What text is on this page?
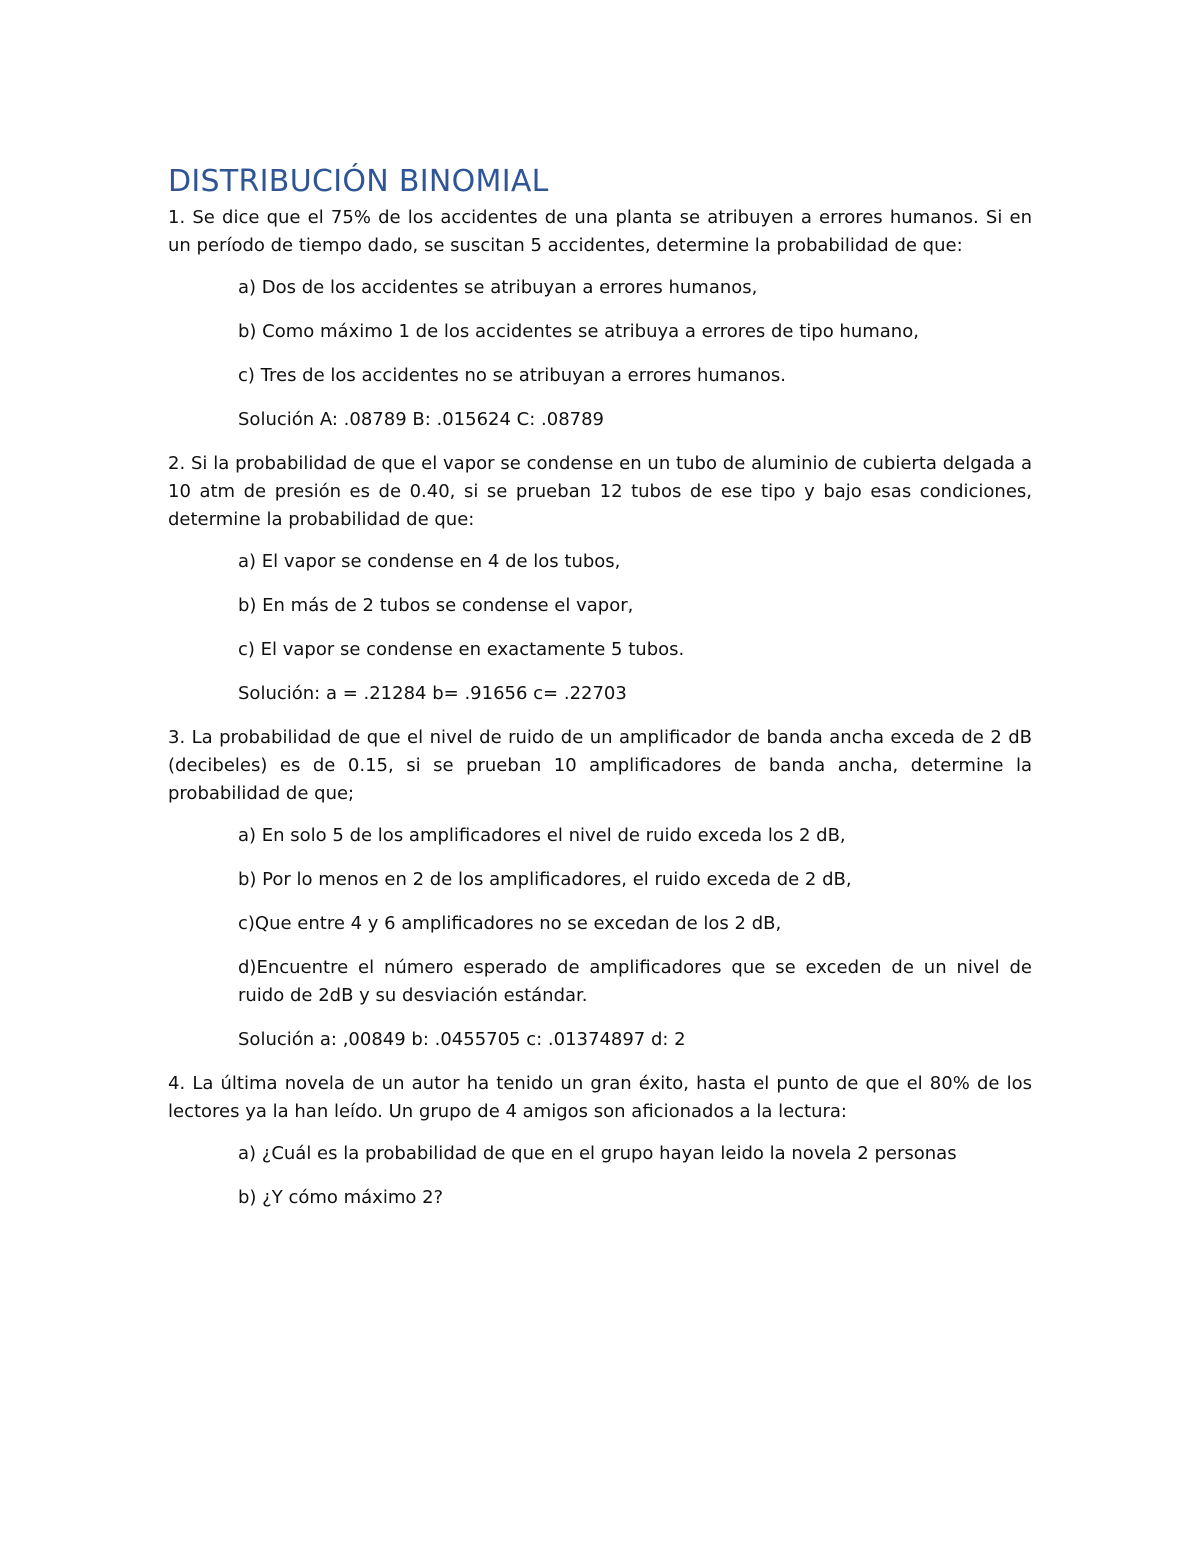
DISTRIBUCIÓN BINOMIAL

1. Se dice que el 75% de los accidentes de una planta se atribuyen a errores humanos. Si en un período de tiempo dado, se suscitan 5 accidentes, determine la probabilidad de que:

a) Dos de los accidentes se atribuyan a errores humanos,

b) Como máximo 1 de los accidentes se atribuya a errores de tipo humano,

c) Tres de los accidentes no se atribuyan a errores humanos.

Solución A: .08789 B: .015624 C: .08789

2. Si la probabilidad de que el vapor se condense en un tubo de aluminio de cubierta delgada a 10 atm de presión es de 0.40, si se prueban 12 tubos de ese tipo y bajo esas condiciones, determine la probabilidad de que:

a) El vapor se condense en 4 de los tubos,

b) En más de 2 tubos se condense el vapor,

c) El vapor se condense en exactamente 5 tubos.

Solución: a = .21284 b= .91656 c= .22703

3. La probabilidad de que el nivel de ruido de un amplificador de banda ancha exceda de 2 dB (decibeles) es de 0.15, si se prueban 10 amplificadores de banda ancha, determine la probabilidad de que;

a) En solo 5 de los amplificadores el nivel de ruido exceda los 2 dB,

b) Por lo menos en 2 de los amplificadores, el ruido exceda de 2 dB,

c)Que entre 4 y 6 amplificadores no se excedan de los 2 dB,

d)Encuentre el número esperado de amplificadores que se exceden de un nivel de ruido de 2dB y su desviación estándar.

Solución a: ,00849 b: .0455705 c: .01374897 d: 2

4. La última novela de un autor ha tenido un gran éxito, hasta el punto de que el 80% de los lectores ya la han leído. Un grupo de 4 amigos son aficionados a la lectura:

a) ¿Cuál es la probabilidad de que en el grupo hayan leido la novela 2 personas

b) ¿Y cómo máximo 2?
